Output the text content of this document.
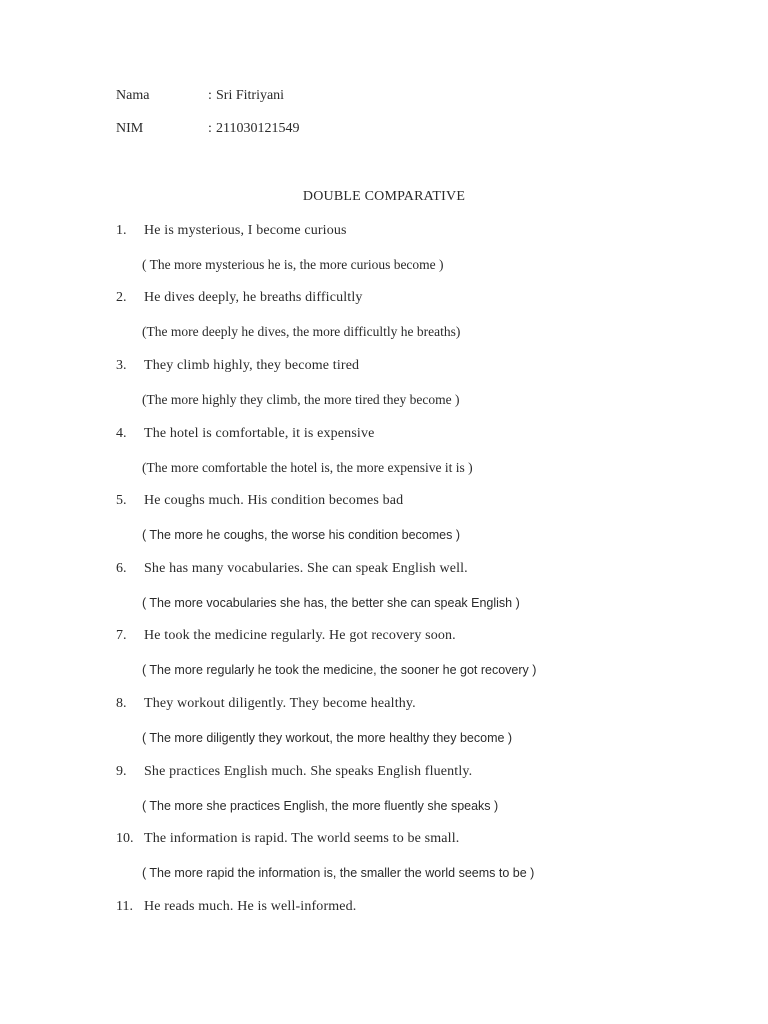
Nama	: Sri Fitriyani
NIM	: 211030121549
DOUBLE COMPARATIVE
1. He is mysterious, I become curious
( The more mysterious he is, the more curious become )
2. He dives deeply, he breaths difficultly
(The more deeply he dives, the more difficultly he breaths)
3. They climb highly, they become tired
(The more highly they climb, the more tired they become )
4. The hotel is comfortable, it is expensive
(The more comfortable the hotel is, the more expensive it is )
5. He coughs much. His condition becomes bad
( The more he coughs, the worse his condition becomes )
6. She has many vocabularies. She can speak English well.
( The more vocabularies she has, the better she can speak English )
7. He took the medicine regularly. He got recovery soon.
( The more regularly he took the medicine, the sooner he got recovery )
8. They workout diligently. They become healthy.
( The more diligently they workout, the more healthy they become )
9. She practices English much. She speaks English fluently.
( The more she practices English, the more fluently she speaks )
10. The information is rapid. The world seems to be small.
( The more rapid the information is, the smaller the world seems to be )
11. He reads much. He is well-informed.
